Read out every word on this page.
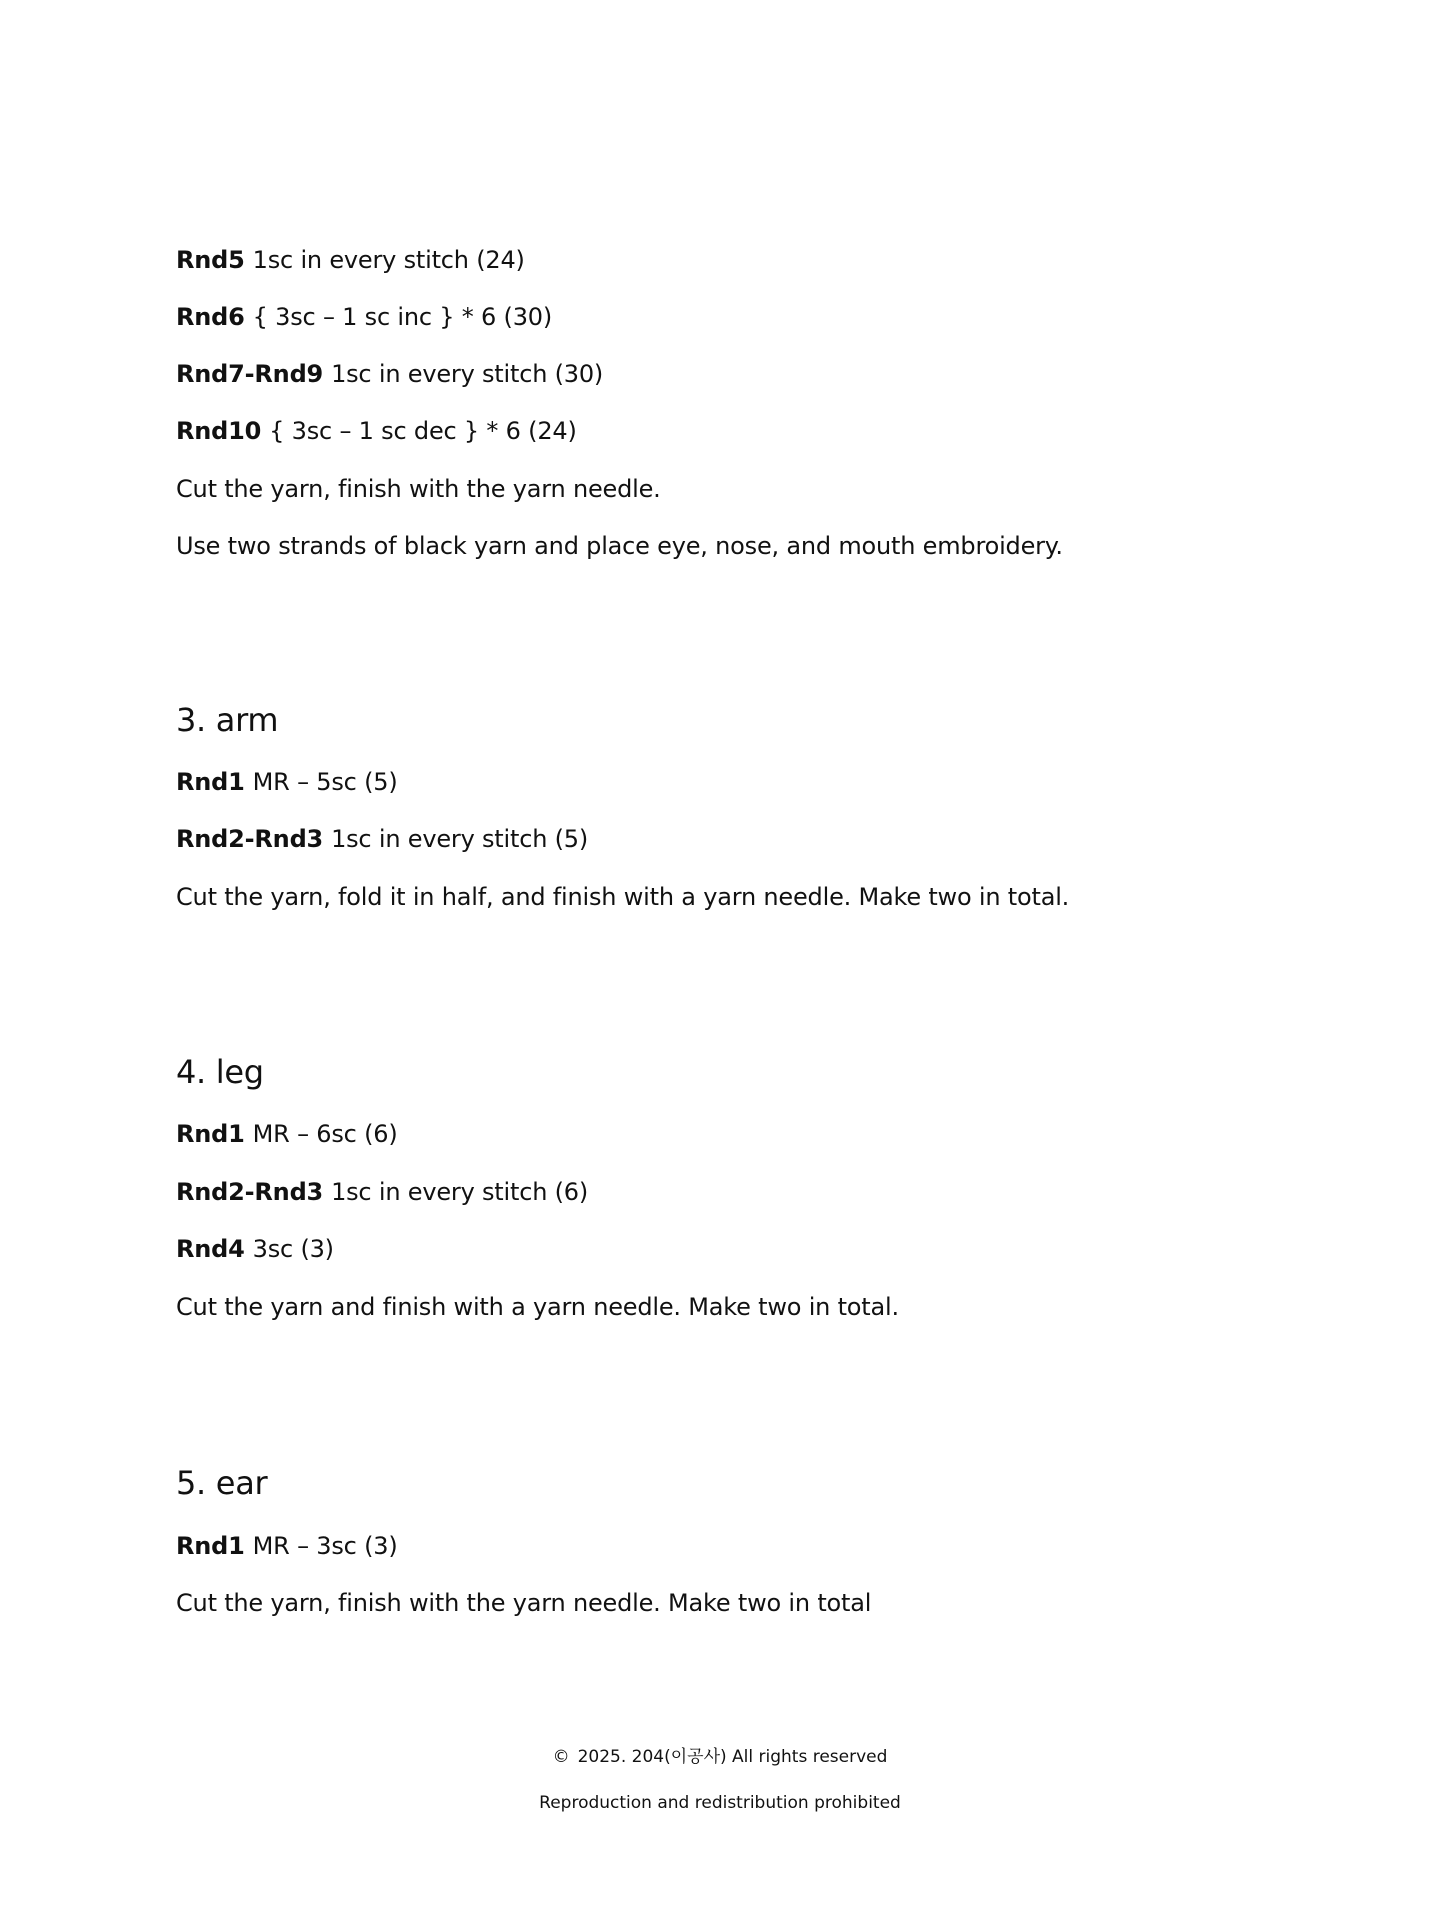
Rnd5 1sc in every stitch (24)
Rnd6 { 3sc – 1 sc inc } * 6 (30)
Rnd7-Rnd9 1sc in every stitch (30)
Rnd10 { 3sc – 1 sc dec } * 6 (24)
Cut the yarn, finish with the yarn needle.
Use two strands of black yarn and place eye, nose, and mouth embroidery.
3. arm
Rnd1 MR – 5sc (5)
Rnd2-Rnd3 1sc in every stitch (5)
Cut the yarn, fold it in half, and finish with a yarn needle. Make two in total.
4. leg
Rnd1 MR – 6sc (6)
Rnd2-Rnd3 1sc in every stitch (6)
Rnd4 3sc (3)
Cut the yarn and finish with a yarn needle. Make two in total.
5. ear
Rnd1 MR – 3sc (3)
Cut the yarn, finish with the yarn needle. Make two in total
© 2025. 204(이공사) All rights reserved
Reproduction and redistribution prohibited
